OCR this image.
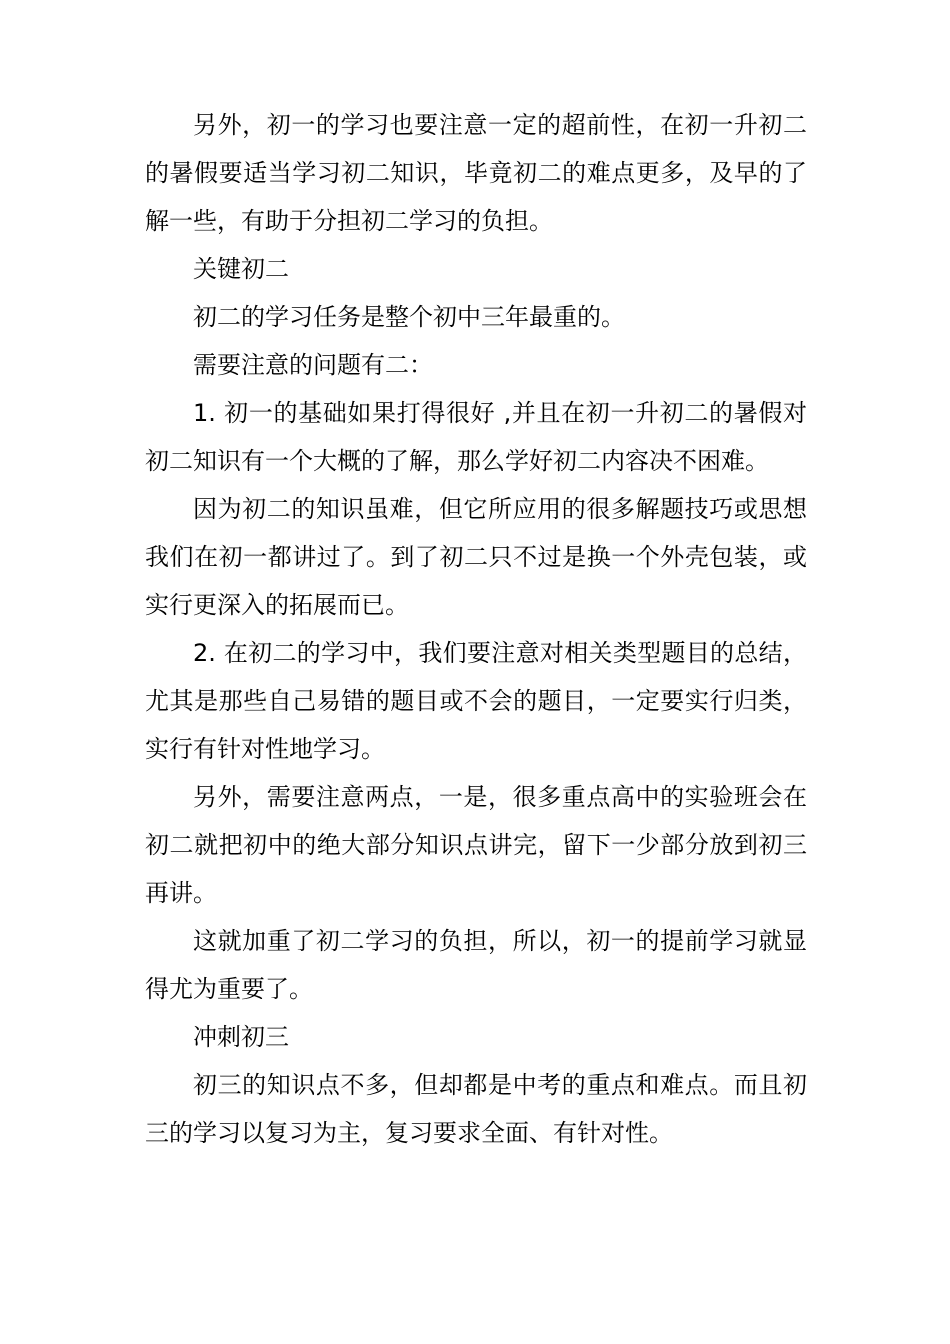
另外，初一的学习也要注意一定的超前性，在初一升初二的暑假要适当学习初二知识，毕竟初二的难点更多，及早的了解一些，有助于分担初二学习的负担。

关键初二

初二的学习任务是整个初中三年最重的。

需要注意的问题有二：

1. 初一的基础如果打得很好 ,并且在初一升初二的暑假对初二知识有一个大概的了解，那么学好初二内容决不困难。

因为初二的知识虽难，但它所应用的很多解题技巧或思想我们在初一都讲过了。到了初二只不过是换一个外壳包装，或实行更深入的拓展而已。

2. 在初二的学习中，我们要注意对相关类型题目的总结，尤其是那些自己易错的题目或不会的题目，一定要实行归类，实行有针对性地学习。

另外，需要注意两点，一是，很多重点高中的实验班会在初二就把初中的绝大部分知识点讲完，留下一少部分放到初三再讲。

这就加重了初二学习的负担，所以，初一的提前学习就显得尤为重要了。

冲刺初三

初三的知识点不多，但却都是中考的重点和难点。而且初三的学习以复习为主，复习要求全面、有针对性。
